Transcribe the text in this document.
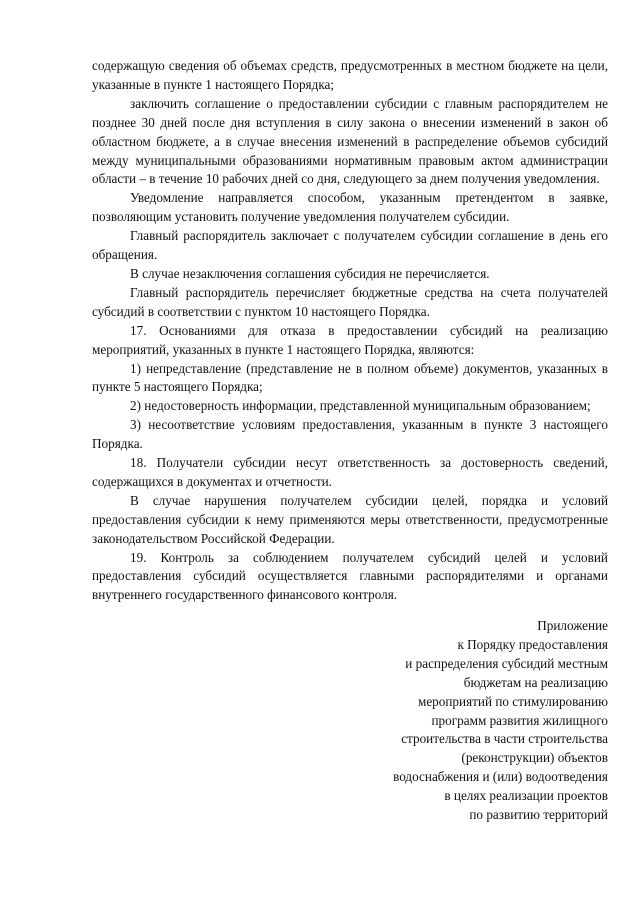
содержащую сведения об объемах средств, предусмотренных в местном бюджете на цели, указанные в пункте 1 настоящего Порядка;

заключить соглашение о предоставлении субсидии с главным распорядителем не позднее 30 дней после дня вступления в силу закона о внесении изменений в закон об областном бюджете, а в случае внесения изменений в распределение объемов субсидий между муниципальными образованиями нормативным правовым актом администрации области – в течение 10 рабочих дней со дня, следующего за днем получения уведомления.

Уведомление направляется способом, указанным претендентом в заявке, позволяющим установить получение уведомления получателем субсидии.

Главный распорядитель заключает с получателем субсидии соглашение в день его обращения.

В случае незаключения соглашения субсидия не перечисляется.

Главный распорядитель перечисляет бюджетные средства на счета получателей субсидий в соответствии с пунктом 10 настоящего Порядка.

17. Основаниями для отказа в предоставлении субсидий на реализацию мероприятий, указанных в пункте 1 настоящего Порядка, являются:

1) непредставление (представление не в полном объеме) документов, указанных в пункте 5 настоящего Порядка;

2) недостоверность информации, представленной муниципальным образованием;

3) несоответствие условиям предоставления, указанным в пункте 3 настоящего Порядка.

18. Получатели субсидии несут ответственность за достоверность сведений, содержащихся в документах и отчетности.

В случае нарушения получателем субсидии целей, порядка и условий предоставления субсидии к нему применяются меры ответственности, предусмотренные законодательством Российской Федерации.

19. Контроль за соблюдением получателем субсидий целей и условий предоставления субсидий осуществляется главными распорядителями и органами внутреннего государственного финансового контроля.

Приложение
к Порядку предоставления
и распределения субсидий местным
бюджетам на реализацию
мероприятий по стимулированию
программ развития жилищного
строительства в части строительства
(реконструкции) объектов
водоснабжения и (или) водоотведения
в целях реализации проектов
по развитию территорий
